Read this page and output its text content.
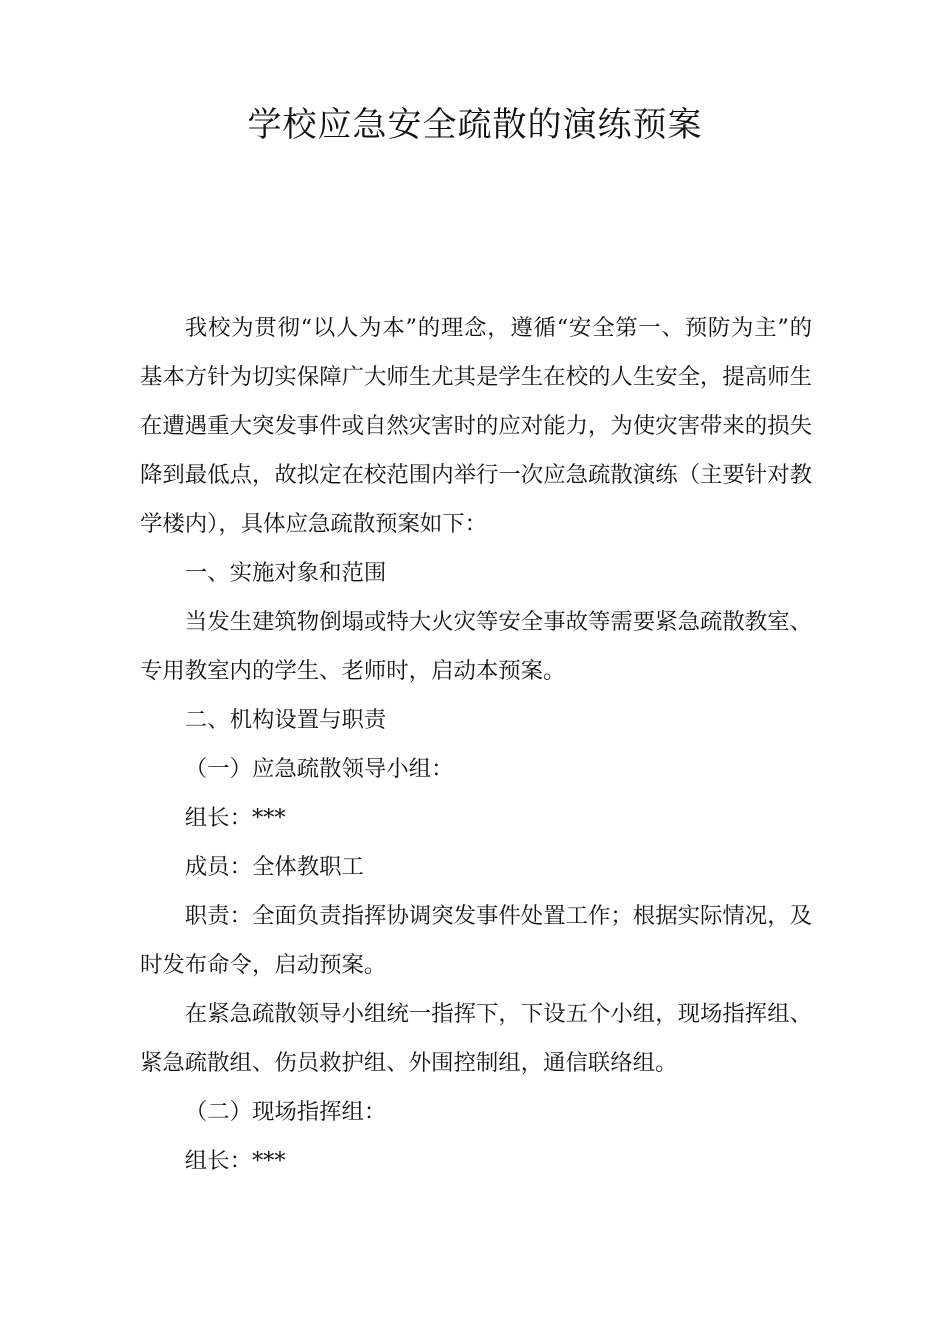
学校应急安全疏散的演练预案

我校为贯彻“以人为本”的理念，遵循“安全第一、预防为主”的基本方针为切实保障广大师生尤其是学生在校的人生安全，提高师生在遭遇重大突发事件或自然灾害时的应对能力，为使灾害带来的损失降到最低点，故拟定在校范围内举行一次应急疏散演练（主要针对教学楼内），具体应急疏散预案如下：

一、实施对象和范围

当发生建筑物倒塌或特大火灾等安全事故等需要紧急疏散教室、专用教室内的学生、老师时，启动本预案。

二、机构设置与职责

（一）应急疏散领导小组：

组长：***

成员：全体教职工

职责：全面负责指挥协调突发事件处置工作；根据实际情况，及时发布命令，启动预案。

在紧急疏散领导小组统一指挥下，下设五个小组，现场指挥组、紧急疏散组、伤员救护组、外围控制组，通信联络组。

（二）现场指挥组：

组长：***
